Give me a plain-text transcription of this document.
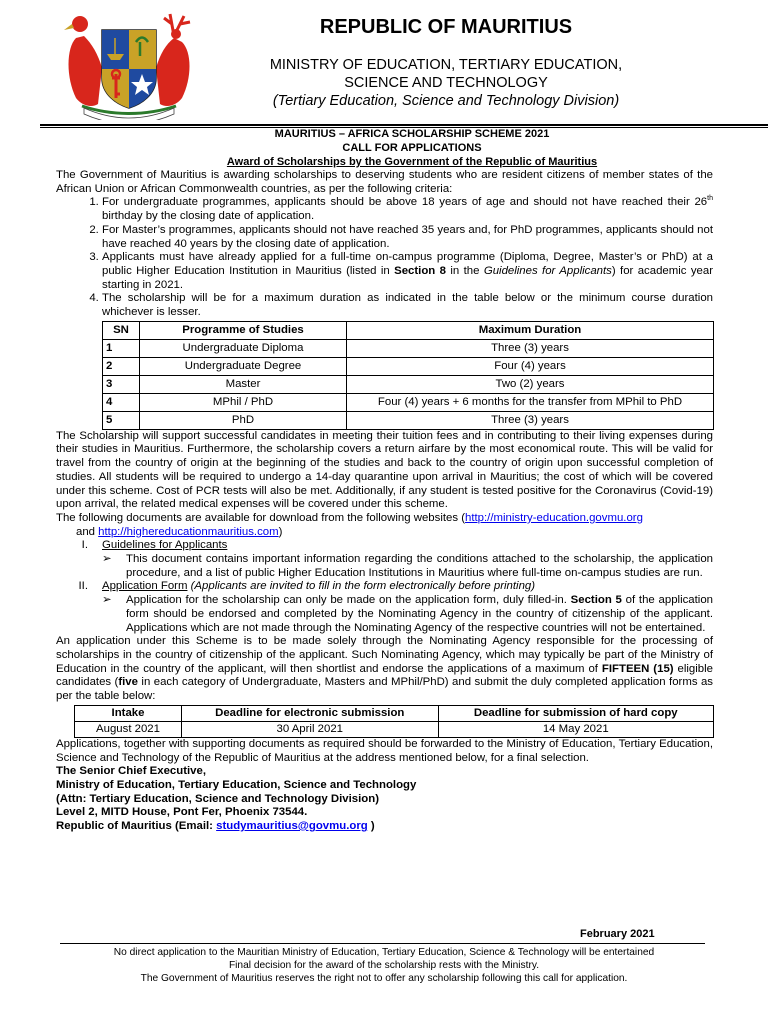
REPUBLIC OF MAURITIUS
MINISTRY OF EDUCATION, TERTIARY EDUCATION,
SCIENCE AND TECHNOLOGY
(Tertiary Education, Science and Technology Division)
MAURITIUS – AFRICA SCHOLARSHIP SCHEME 2021
CALL FOR APPLICATIONS
Award of Scholarships by the Government of the Republic of Mauritius

The Government of Mauritius is awarding scholarships to deserving students who are resident citizens of member states of the African Union or African Commonwealth countries, as per the following criteria:

1. For undergraduate programmes, applicants should be above 18 years of age and should not have reached their 26th birthday by the closing date of application.
2. For Master’s programmes, applicants should not have reached 35 years and, for PhD programmes, applicants should not have reached 40 years by the closing date of application.
3. Applicants must have already applied for a full-time on-campus programme (Diploma, Degree, Master’s or PhD) at a public Higher Education Institution in Mauritius (listed in Section 8 in the Guidelines for Applicants) for academic year starting in 2021.
4. The scholarship will be for a maximum duration as indicated in the table below or the minimum course duration whichever is lesser.
SN	Programme of Studies	Maximum Duration
1	Undergraduate Diploma	Three (3) years
2	Undergraduate Degree	Four (4) years
3	Master	Two (2) years
4	MPhil / PhD	Four (4) years + 6 months for the transfer from MPhil to PhD
5	PhD	Three (3) years

The Scholarship will support successful candidates in meeting their tuition fees and in contributing to their living expenses during their studies in Mauritius. Furthermore, the scholarship covers a return airfare by the most economical route. This will be valid for travel from the country of origin at the beginning of the studies and back to the country of origin upon successful completion of studies. All students will be required to undergo a 14-day quarantine upon arrival in Mauritius; the cost of which will be covered under this scheme. Cost of PCR tests will also be met. Additionally, if any student is tested positive for the Coronavirus (Covid-19) upon arrival, the related medical expenses will be covered under this scheme.

The following documents are available for download from the following websites (http://ministry-education.govmu.org

and http://highereducationmauritius.com)

I.	Guidelines for Applicants
➢	This document contains important information regarding the conditions attached to the scholarship, the application procedure, and a list of public Higher Education Institutions in Mauritius where full-time on-campus studies are run.
II.	Application Form (Applicants are invited to fill in the form electronically before printing)
➢	Application for the scholarship can only be made on the application form, duly filled-in. Section 5 of the application form should be endorsed and completed by the Nominating Agency in the country of citizenship of the applicant. Applications which are not made through the Nominating Agency of the respective countries will not be entertained.

An application under this Scheme is to be made solely through the Nominating Agency responsible for the processing of scholarships in the country of citizenship of the applicant. Such Nominating Agency, which may typically be part of the Ministry of Education in the country of the applicant, will then shortlist and endorse the applications of a maximum of FIFTEEN (15) eligible candidates (five in each category of Undergraduate, Masters and MPhil/PhD) and submit the duly completed application forms as per the table below:

Intake	Deadline for electronic submission	Deadline for submission of hard copy
August 2021	30 April 2021	14 May 2021

Applications, together with supporting documents as required should be forwarded to the Ministry of Education, Tertiary Education, Science and Technology of the Republic of Mauritius at the address mentioned below, for a final selection.

The Senior Chief Executive,
Ministry of Education, Tertiary Education, Science and Technology
(Attn: Tertiary Education, Science and Technology Division)
Level 2, MITD House, Pont Fer, Phoenix 73544.
Republic of Mauritius (Email: studymauritius@govmu.org )
February 2021
No direct application to the Mauritian Ministry of Education, Tertiary Education, Science & Technology will be entertained
Final decision for the award of the scholarship rests with the Ministry.
The Government of Mauritius reserves the right not to offer any scholarship following this call for application.
